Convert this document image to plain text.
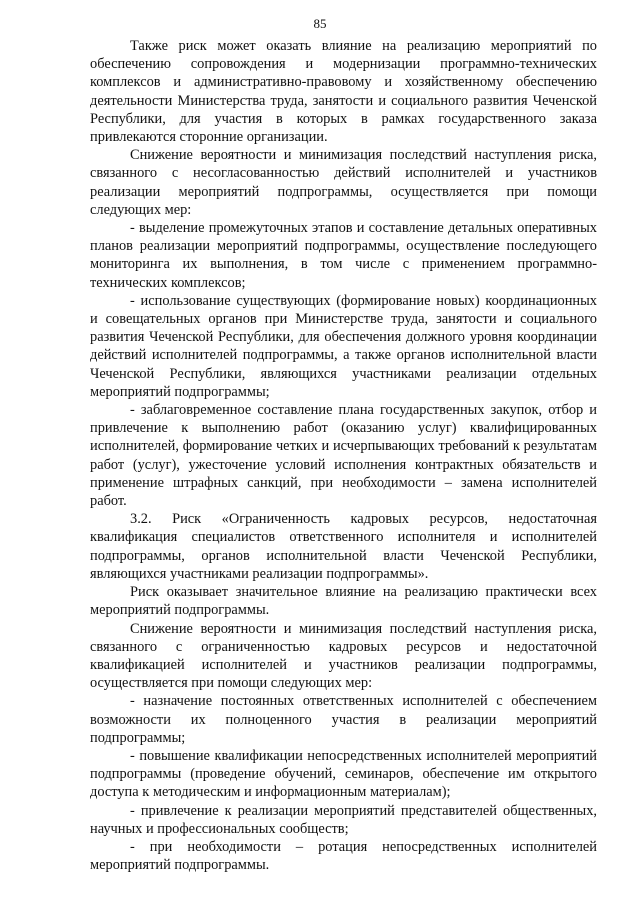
85

Также риск может оказать влияние на реализацию мероприятий по обеспечению сопровождения и модернизации программно-технических комплексов и административно-правовому и хозяйственному обеспечению деятельности Министерства труда, занятости и социального развития Чеченской Республики, для участия в которых в рамках государственного заказа привлекаются сторонние организации.

Снижение вероятности и минимизация последствий наступления риска, связанного с несогласованностью действий исполнителей и участников реализации мероприятий подпрограммы, осуществляется при помощи следующих мер:

- выделение промежуточных этапов и составление детальных оперативных планов реализации мероприятий подпрограммы, осуществление последующего мониторинга их выполнения, в том числе с применением программно-технических комплексов;

- использование существующих (формирование новых) координационных и совещательных органов при Министерстве труда, занятости и социального развития Чеченской Республики, для обеспечения должного уровня координации действий исполнителей подпрограммы, а также органов исполнительной власти Чеченской Республики, являющихся участниками реализации отдельных мероприятий подпрограммы;

- заблаговременное составление плана государственных закупок, отбор и привлечение к выполнению работ (оказанию услуг) квалифицированных исполнителей, формирование четких и исчерпывающих требований к результатам работ (услуг), ужесточение условий исполнения контрактных обязательств и применение штрафных санкций, при необходимости – замена исполнителей работ.

3.2. Риск «Ограниченность кадровых ресурсов, недостаточная квалификация специалистов ответственного исполнителя и исполнителей подпрограммы, органов исполнительной власти Чеченской Республики, являющихся участниками реализации подпрограммы».

Риск оказывает значительное влияние на реализацию практически всех мероприятий подпрограммы.

Снижение вероятности и минимизация последствий наступления риска, связанного с ограниченностью кадровых ресурсов и недостаточной квалификацией исполнителей и участников реализации подпрограммы, осуществляется при помощи следующих мер:

- назначение постоянных ответственных исполнителей с обеспечением возможности их полноценного участия в реализации мероприятий подпрограммы;

- повышение квалификации непосредственных исполнителей мероприятий подпрограммы (проведение обучений, семинаров, обеспечение им открытого доступа к методическим и информационным материалам);

- привлечение к реализации мероприятий представителей общественных, научных и профессиональных сообществ;

- при необходимости – ротация непосредственных исполнителей мероприятий подпрограммы.
